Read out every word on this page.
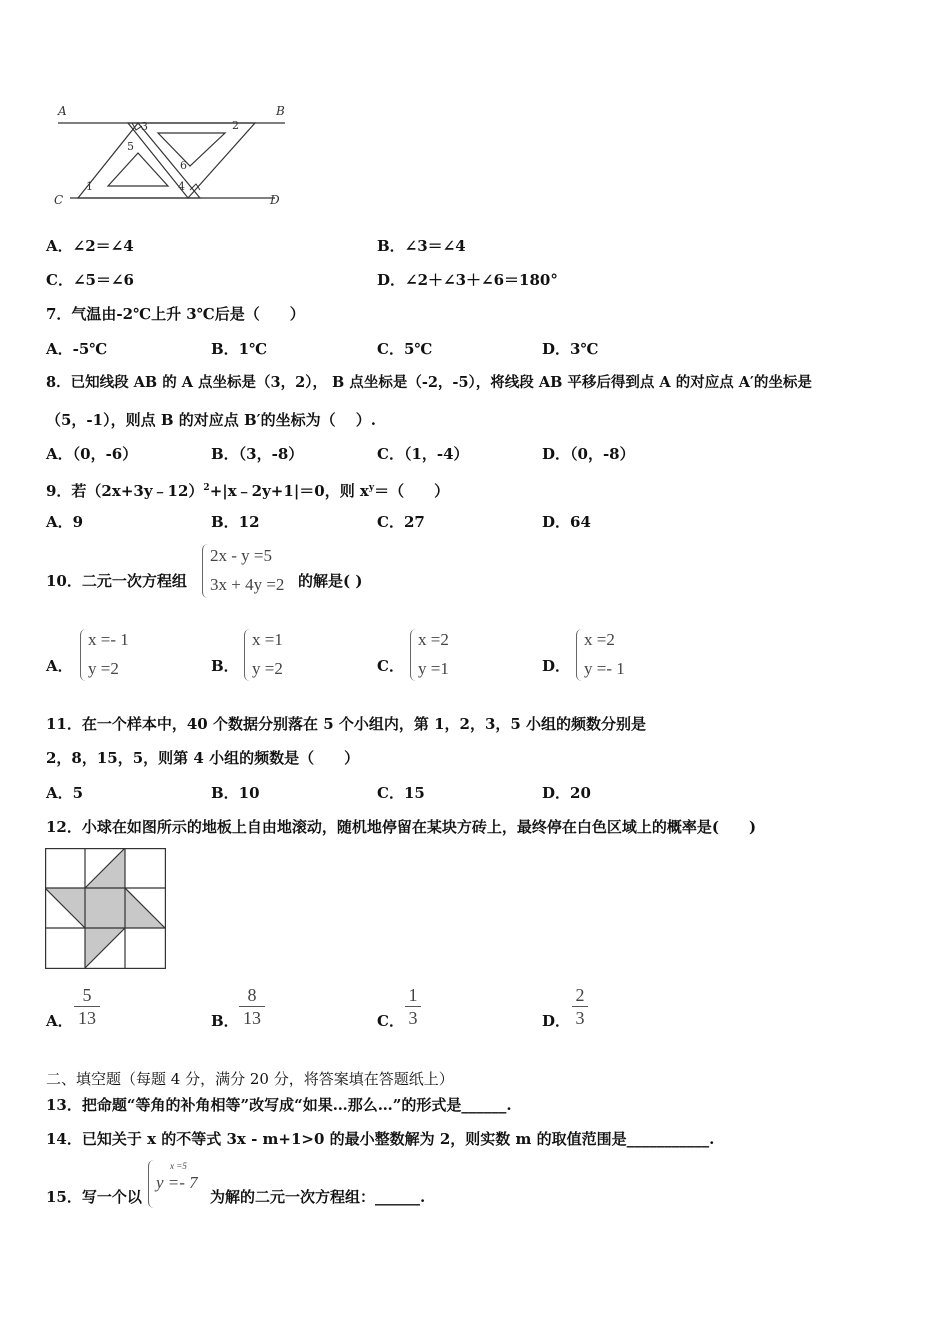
A	B
C	D
1
2
3
4
5
6
A．∠2＝∠4	B．∠3＝∠4
C．∠5＝∠6	D．∠2＋∠3＋∠6＝180°
7．气温由-2℃上升 3℃后是（　　）
A．-5℃	B．1℃	C．5℃	D．3℃
8．已知线段 AB 的 A 点坐标是（3，2）， B 点坐标是（-2，-5），将线段 AB 平移后得到点 A 的对应点 A′的坐标是
（5，-1），则点 B 的对应点 B′的坐标为（　 ）.
A．（0，-6）	B．（3，-8）	C．（1，-4）	D．（0，-8）
9．若（2x+3y﹣12）$^2$+|x﹣2y+1|＝0，则 $x^y=$（　　）
A．9	B．12	C．27	D．64
10．二元一次方程组
2x - y =5
3x + 4y =2 的解是( )
A．
x =- 1
y =2	B．
x =1
y =2	C．
x =2
y =1	D．
x =2
y =- 1
11．在一个样本中，40 个数据分别落在 5 个小组内，第 1，2，3，5 小组的频数分别是
2，8，15，5，则第 4 小组的频数是（　　）
A．5	B．10	C．15	D．20
12．小球在如图所示的地板上自由地滚动，随机地停留在某块方砖上，最终停在白色区域上的概率是(　　)
A．
5
13	B．
8
13	C．
1
3	D．
2
3
二、填空题（每题 4 分，满分 20 分，将答案填在答题纸上）
13．把命题“等角的补角相等”改写成“如果…那么…”的形式是______.
14．已知关于 x 的不等式 3x - m+1>0 的最小整数解为 2，则实数 m 的取值范围是___________.
15．写一个以
x =5
y =- 7
为解的二元一次方程组：______.
